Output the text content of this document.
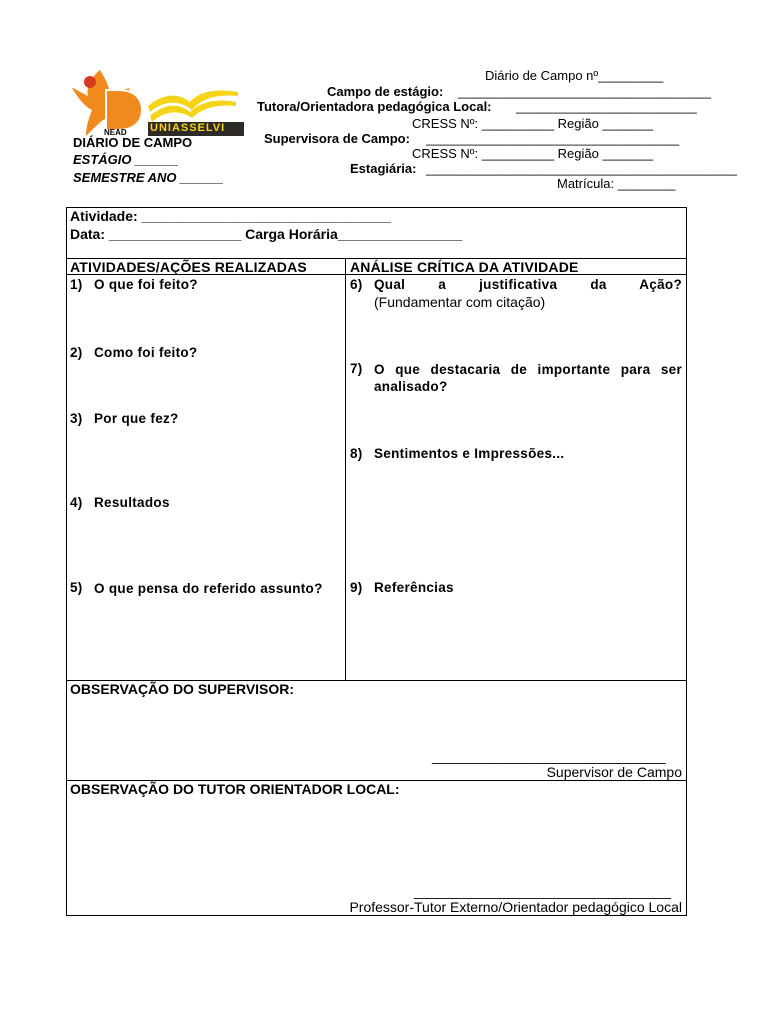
NEAD UNIASSELVI
DIÁRIO DE CAMPO
ESTÁGIO ______
SEMESTRE ANO ______
Diário de Campo nº_________
Campo de estágio: ___________________________________
Tutora/Orientadora pedagógica Local: _________________________
CRESS Nº: __________ Região _______
Supervisora de Campo: ___________________________________
CRESS Nº: __________ Região _______
Estagiária: ___________________________________________
Matrícula: ________
Atividade: ________________________________
Data: _________________ Carga Horária________________
ATIVIDADES/AÇÕES REALIZADAS	ANÁLISE CRÍTICA DA ATIVIDADE
1) O que foi feito?
2) Como foi feito?
3) Por que fez?
4) Resultados
5) O que pensa do referido assunto?
6) Qual a justificativa da Ação?
(Fundamentar com citação)
7) O que destacaria de importante para ser analisado?
8) Sentimentos e Impressões...
9) Referências
OBSERVAÇÃO DO SUPERVISOR:
______________________________
Supervisor de Campo
OBSERVAÇÃO DO TUTOR ORIENTADOR LOCAL:
_________________________________
Professor-Tutor Externo/Orientador pedagógico Local
